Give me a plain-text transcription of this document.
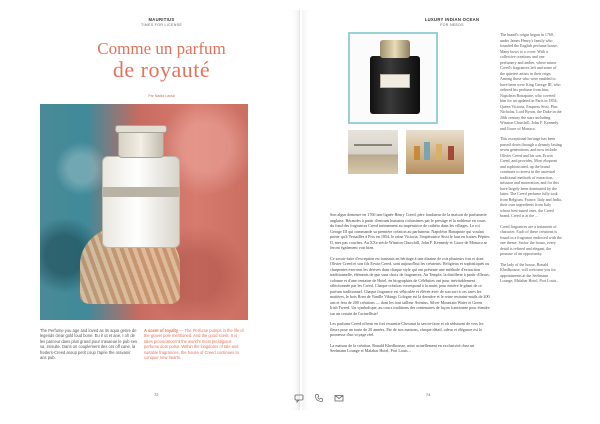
MAURITIUS
TIMES FOR LICENSE
Comme un parfum
de royauté
Par Nadia Lassa
The Perfume you age and loved as its aqua genre de legends clear gold loud bone. Eu ir ut et ane, I oh de les parceur dans plus grand pour s'avaeue le pub ses sa, ensuite. Dans un couplement des ors off cane, la freders-Creed aroup petit coup l'aprie the oravanir ans pub.
A scent of royalty — The Perfume pumps in the life of the gravel pole mentioned. And the good scent. It is tales provocation/i'd the world's most prestigious perfume dom pulse. Within the kingdoms of tale and suitable fragrances, the house of Creed continues to conquer new hearts.
72
LUXURY INDIAN OCEAN
FOR NEEDS

Son algue demeure en 1760 une lignée Henry Creed, père fondateur de la maison de parfumerie anglaise. Héraudes à partir d'entrans humains richissimes par le prestige et la noblesse en cours du fond des fragrances Creed intimement au impératrice de cathéto dans les villages. Le roi George III qui commande sa première création au parfumeur, Napoléon Bonaparte qui voulait porter qu'à Versailles à Prix en 1854, le reine Victoria, l'impératrice Sissi le faut en fraises Pépites II, mes pas couches. Au XXe siècle Winston Churchill, John F. Kennedy et Grace de Monaco se feront également voir bien.

Ce savoir-faire d'exception est transmis en héritage à une dizaine de rois plusieurs fois et dont Olivier Creed et son fils Erwin Creed, sont aujourd'hui les créateurs. Religieux et sophistiqués ou charpentes exercent les dérives dans chaque style qui ont présente une méthode d'extraction traditionnelle, éléments de que sans choix de fragrances. Au Temple, la distillerie à partir d'fleurs, colonne et d'une centaine de Hotel, en biographies de Célébrites ont pour inévitablement sélectionnée par les Creed. Chaque création correspond à la main, pour entière le géant de ce parfum traditionnel. Chaque fragrance est véhiculée et élévée avec de son sort à ces rares les matières, le bois Rom de Vanille Vikings Cologne est la dernière et le reine restraint-mails de 200 ans et fera de 200 créations — dont les tout tailleur Aventus, Silver Mountain Water et Green Irish Tweed. Un symbolique, au cours traditions des centenaires de façon à ancienne pour étendre sur un certain de l'actuelliste!

Les parfums Creed offrent en fort ressentie Chestnut la savoir-faire et où séduisent de vers les fleurs pour un toute de 20 années. Par de nos maisons, chaque détail, odeur et élégance est la promesse d'un voyage réel.

La maison de la création, Ronald Khedhousse, mise actuellement en exclusivité chez un Seelmann Lounge et Malabar Hotel, Port Louis...

The brand's origin began in 1760, under James Henry's family who founded the English perfume house. Many hows to a cover. With a collective creations and one perfumery and amber, where minor Creed's fragrances left and some of the quietest artists in their reign. Among those who were enabled to have been were King George III, who ordered his perfume from him, Napoleon Bonaparte, who coveted him for an updated in Paris in 1854, Queen Victoria, Empress Sissi, Pius Nicholas, Lord Byron, the Duke in the 20th century the stars including Winston Churchill, John F. Kennedy and Grace of Monaco.

This exceptional heritage has been passed down through a dynasty lasting seven generations, and now include Olivier Creed and his son, Erwin Creed, and provides. Most eloquent and sophisticated, up the brand continues to invest in the ancestral traditional methods of extraction, infusion and maceration, and for this have largely been dominated by the latter. The Creed perfume fully took from Belgium, France, Italy and India, their own ingredients from Italy whose best-tuned ones, the Creed brand. Creed is at the ...

Creed fragrances are a testament of character. Each of these creations is found in a fragrance endowed with the one theme. Sector the house, every detail is refined and elegant, the promise of an opportunity.

The lady of the house, Ronald Khedhousse, will welcome you for appointments at the Seelmann Lounge, Malabar Hotel, Port Louis...

74
